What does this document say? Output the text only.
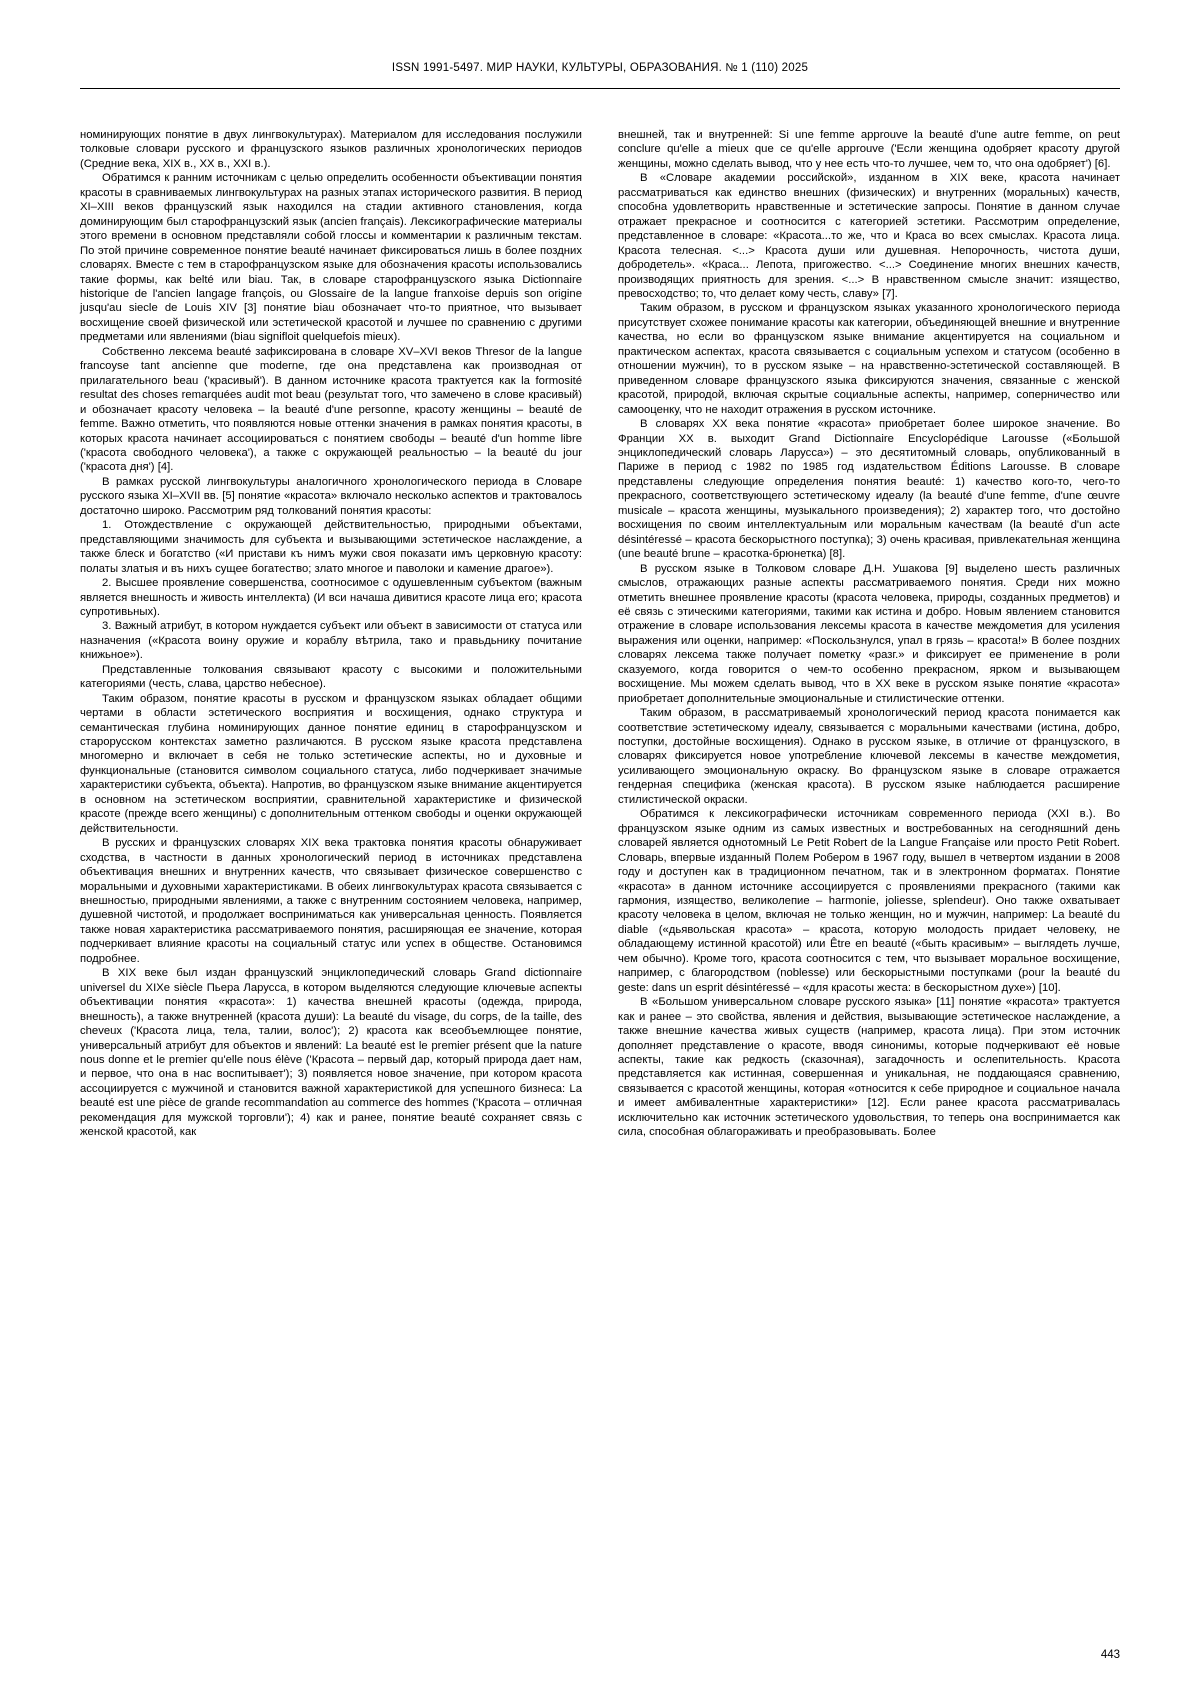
ISSN 1991-5497. МИР НАУКИ, КУЛЬТУРЫ, ОБРАЗОВАНИЯ. № 1 (110) 2025

номинирующих понятие в двух лингвокультурах). Материалом для исследования послужили толковые словари русского и французского языков различных хронологических периодов (Средние века, XIX в., XX в., XXI в.).

Обратимся к ранним источникам с целью определить особенности объективации понятия красоты в сравниваемых лингвокультурах на разных этапах исторического развития. В период XI–XIII веков французский язык находился на стадии активного становления, когда доминирующим был старофранцузский язык (ancien français). Лексикографические материалы этого времени в основном представляли собой глоссы и комментарии к различным текстам. По этой причине современное понятие beauté начинает фиксироваться лишь в более поздних словарях. Вместе с тем в старофранцузском языке для обозначения красоты использовались такие формы, как belté или biau. Так, в словаре старофранцузского языка Dictionnaire historique de l'ancien langage françois, ou Glossaire de la langue franxoise depuis son origine jusqu'au siecle de Louis XIV [3] понятие biau обозначает что-то приятное, что вызывает восхищение своей физической или эстетической красотой и лучшее по сравнению с другими предметами или явлениями (biau signifloit quelquefois mieux).

Собственно лексема beauté зафиксирована в словаре XV–XVI веков Thresor de la langue francoyse tant ancienne que moderne, где она представлена как производная от прилагательного beau ('красивый'). В данном источнике красота трактуется как la formosité resultat des choses remarquées audit mot beau (результат того, что замечено в слове красивый) и обозначает красоту человека – la beauté d'une personne, красоту женщины – beauté de femme. Важно отметить, что появляются новые оттенки значения в рамках понятия красоты, в которых красота начинает ассоциироваться с понятием свободы – beauté d'un homme libre ('красота свободного человека'), а также с окружающей реальностью – la beauté du jour ('красота дня') [4].

В рамках русской лингвокультуры аналогичного хронологического периода в Словаре русского языка XI–XVII вв. [5] понятие «красота» включало несколько аспектов и трактовалось достаточно широко. Рассмотрим ряд толкований понятия красоты:

1. Отождествление с окружающей действительностью, природными объектами, представляющими значимость для субъекта и вызывающими эстетическое наслаждение, а также блеск и богатство («И пристави къ нимъ мужи своя показати имъ церковную красоту: полаты златыя и въ нихъ сущее богатество; злато многое и паволоки и камение драгое»).

2. Высшее проявление совершенства, соотносимое с одушевленным субъектом (важным является внешность и живость интеллекта) (И вси начаша дивитися красоте лица его; красота супротивьных).

3. Важный атрибут, в котором нуждается субъект или объект в зависимости от статуса или назначения («Красота воину оружие и кораблу вѣтрила, тако и правьдьнику почитание книжьное»).

Представленные толкования связывают красоту с высокими и положительными категориями (честь, слава, царство небесное).

Таким образом, понятие красоты в русском и французском языках обладает общими чертами в области эстетического восприятия и восхищения, однако структура и семантическая глубина номинирующих данное понятие единиц в старофранцузском и старорусском контекстах заметно различаются. В русском языке красота представлена многомерно и включает в себя не только эстетические аспекты, но и духовные и функциональные (становится символом социального статуса, либо подчеркивает значимые характеристики субъекта, объекта). Напротив, во французском языке внимание акцентируется в основном на эстетическом восприятии, сравнительной характеристике и физической красоте (прежде всего женщины) с дополнительным оттенком свободы и оценки окружающей действительности.

В русских и французских словарях XIX века трактовка понятия красоты обнаруживает сходства, в частности в данных хронологический период в источниках представлена объективация внешних и внутренних качеств, что связывает физическое совершенство с моральными и духовными характеристиками. В обеих лингвокультурах красота связывается с внешностью, природными явлениями, а также с внутренним состоянием человека, например, душевной чистотой, и продолжает восприниматься как универсальная ценность. Появляется также новая характеристика рассматриваемого понятия, расширяющая ее значение, которая подчеркивает влияние красоты на социальный статус или успех в обществе. Остановимся подробнее.

В XIX веке был издан французский энциклопедический словарь Grand dictionnaire universel du XIXe siècle Пьера Ларусса, в котором выделяются следующие ключевые аспекты объективации понятия «красота»: 1) качества внешней красоты (одежда, природа, внешность), а также внутренней (красота души): La beauté du visage, du corps, de la taille, des cheveux ('Красота лица, тела, талии, волос'); 2) красота как всеобъемлющее понятие, универсальный атрибут для объектов и явлений: La beauté est le premier présent que la nature nous donne et le premier qu'elle nous élève ('Красота – первый дар, который природа дает нам, и первое, что она в нас воспитывает'); 3) появляется новое значение, при котором красота ассоциируется с мужчиной и становится важной характеристикой для успешного бизнеса: La beauté est une pièce de grande recommandation au commerce des hommes ('Красота – отличная рекомендация для мужской торговли'); 4) как и ранее, понятие beauté сохраняет связь с женской красотой, как

внешней, так и внутренней: Si une femme approuve la beauté d'une autre femme, on peut conclure qu'elle a mieux que ce qu'elle approuve ('Если женщина одобряет красоту другой женщины, можно сделать вывод, что у нее есть что-то лучшее, чем то, что она одобряет') [6].

В «Словаре академии российской», изданном в XIX веке, красота начинает рассматриваться как единство внешних (физических) и внутренних (моральных) качеств, способна удовлетворить нравственные и эстетические запросы. Понятие в данном случае отражает прекрасное и соотносится с категорией эстетики. Рассмотрим определение, представленное в словаре: «Красота...то же, что и Краса во всех смыслах. Красота лица. Красота телесная. <...> Красота души или душевная. Непорочность, чистота души, добродетель». «Краса... Лепота, пригожество. <...> Соединение многих внешних качеств, производящих приятность для зрения. <...> В нравственном смысле значит: изящество, превосходство; то, что делает кому честь, славу» [7].

Таким образом, в русском и французском языках указанного хронологического периода присутствует схожее понимание красоты как категории, объединяющей внешние и внутренние качества, но если во французском языке внимание акцентируется на социальном и практическом аспектах, красота связывается с социальным успехом и статусом (особенно в отношении мужчин), то в русском языке – на нравственно-эстетической составляющей. В приведенном словаре французского языка фиксируются значения, связанные с женской красотой, природой, включая скрытые социальные аспекты, например, соперничество или самооценку, что не находит отражения в русском источнике.

В словарях XX века понятие «красота» приобретает более широкое значение. Во Франции XX в. выходит Grand Dictionnaire Encyclopédique Larousse («Большой энциклопедический словарь Ларусса») – это десятитомный словарь, опубликованный в Париже в период с 1982 по 1985 год издательством Éditions Larousse. В словаре представлены следующие определения понятия beauté: 1) качество кого-то, чего-то прекрасного, соответствующего эстетическому идеалу (la beauté d'une femme, d'une œuvre musicale – красота женщины, музыкального произведения); 2) характер того, что достойно восхищения по своим интеллектуальным или моральным качествам (la beauté d'un acte désintéressé – красота бескорыстного поступка); 3) очень красивая, привлекательная женщина (une beauté brune – красотка-брюнетка) [8].

В русском языке в Толковом словаре Д.Н. Ушакова [9] выделено шесть различных смыслов, отражающих разные аспекты рассматриваемого понятия. Среди них можно отметить внешнее проявление красоты (красота человека, природы, созданных предметов) и её связь с этическими категориями, такими как истина и добро. Новым явлением становится отражение в словаре использования лексемы красота в качестве междометия для усиления выражения или оценки, например: «Поскользнулся, упал в грязь – красота!» В более поздних словарях лексема также получает пометку «разг.» и фиксирует ее применение в роли сказуемого, когда говорится о чем-то особенно прекрасном, ярком и вызывающем восхищение. Мы можем сделать вывод, что в XX веке в русском языке понятие «красота» приобретает дополнительные эмоциональные и стилистические оттенки.

Таким образом, в рассматриваемый хронологический период красота понимается как соответствие эстетическому идеалу, связывается с моральными качествами (истина, добро, поступки, достойные восхищения). Однако в русском языке, в отличие от французского, в словарях фиксируется новое употребление ключевой лексемы в качестве междометия, усиливающего эмоциональную окраску. Во французском языке в словаре отражается гендерная специфика (женская красота). В русском языке наблюдается расширение стилистической окраски.

Обратимся к лексикографически источникам современного периода (XXI в.). Во французском языке одним из самых известных и востребованных на сегодняшний день словарей является однотомный Le Petit Robert de la Langue Française или просто Petit Robert. Словарь, впервые изданный Полем Робером в 1967 году, вышел в четвертом издании в 2008 году и доступен как в традиционном печатном, так и в электронном форматах. Понятие «красота» в данном источнике ассоциируется с проявлениями прекрасного (такими как гармония, изящество, великолепие – harmonie, joliesse, splendeur). Оно также охватывает красоту человека в целом, включая не только женщин, но и мужчин, например: La beauté du diable («дьявольская красота» – красота, которую молодость придает человеку, не обладающему истинной красотой) или Être en beauté («быть красивым» – выглядеть лучше, чем обычно). Кроме того, красота соотносится с тем, что вызывает моральное восхищение, например, с благородством (noblesse) или бескорыстными поступками (pour la beauté du geste: dans un esprit désintéressé – «для красоты жеста: в бескорыстном духе») [10].

В «Большом универсальном словаре русского языка» [11] понятие «красота» трактуется как и ранее – это свойства, явления и действия, вызывающие эстетическое наслаждение, а также внешние качества живых существ (например, красота лица). При этом источник дополняет представление о красоте, вводя синонимы, которые подчеркивают её новые аспекты, такие как редкость (сказочная), загадочность и ослепительность. Красота представляется как истинная, совершенная и уникальная, не поддающаяся сравнению, связывается с красотой женщины, которая «относится к себе природное и социальное начала и имеет амбивалентные характеристики» [12]. Если ранее красота рассматривалась исключительно как источник эстетического удовольствия, то теперь она воспринимается как сила, способная облагораживать и преобразовывать. Более

443
